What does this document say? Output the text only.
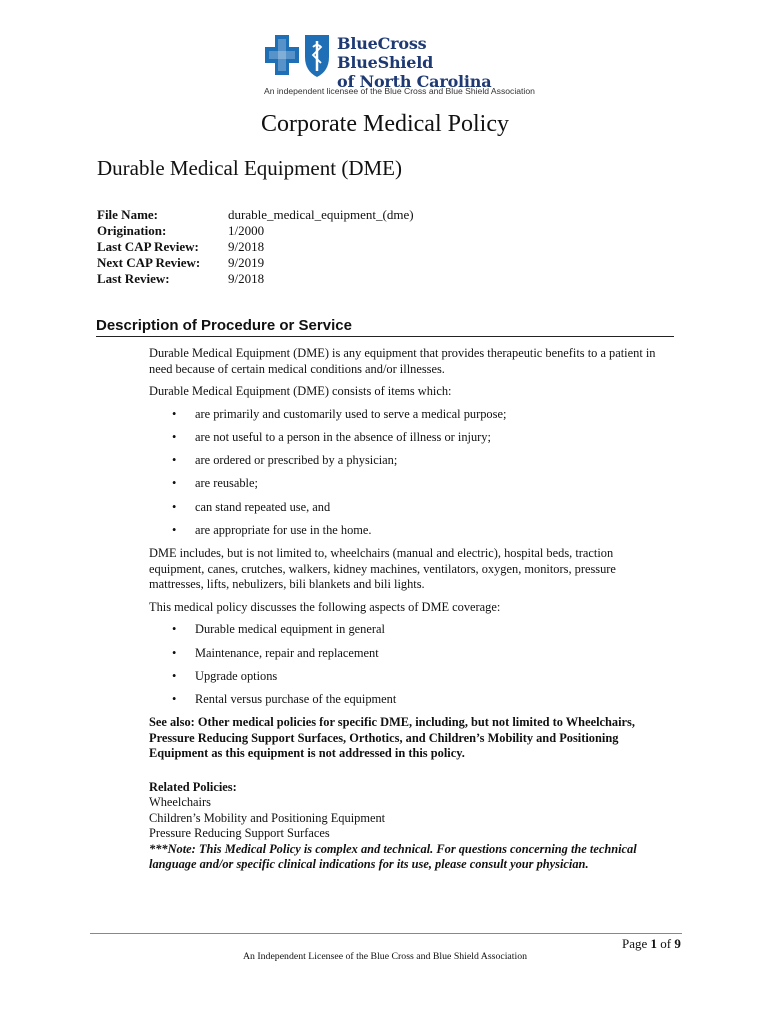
BlueCross BlueShield
of North Carolina
An independent licensee of the Blue Cross and Blue Shield Association
Corporate Medical Policy
Durable Medical Equipment (DME)
File Name:	durable_medical_equipment_(dme)
Origination:	1/2000
Last CAP Review:	9/2018
Next CAP Review:	9/2019
Last Review:	9/2018
Description of Procedure or Service

Durable Medical Equipment (DME) is any equipment that provides therapeutic benefits to a patient in need because of certain medical conditions and/or illnesses.

Durable Medical Equipment (DME) consists of items which:

• are primarily and customarily used to serve a medical purpose;
• are not useful to a person in the absence of illness or injury;
• are ordered or prescribed by a physician;
• are reusable;
• can stand repeated use, and
• are appropriate for use in the home.

DME includes, but is not limited to, wheelchairs (manual and electric), hospital beds, traction equipment, canes, crutches, walkers, kidney machines, ventilators, oxygen, monitors, pressure mattresses, lifts, nebulizers, bili blankets and bili lights.

This medical policy discusses the following aspects of DME coverage:

• Durable medical equipment in general
• Maintenance, repair and replacement
• Upgrade options
• Rental versus purchase of the equipment

See also: Other medical policies for specific DME, including, but not limited to Wheelchairs, Pressure Reducing Support Surfaces, Orthotics, and Children’s Mobility and Positioning Equipment as this equipment is not addressed in this policy.

Related Policies:
Wheelchairs
Children’s Mobility and Positioning Equipment
Pressure Reducing Support Surfaces

***Note: This Medical Policy is complex and technical. For questions concerning the technical language and/or specific clinical indications for its use, please consult your physician.

Page 1 of 9
An Independent Licensee of the Blue Cross and Blue Shield Association
